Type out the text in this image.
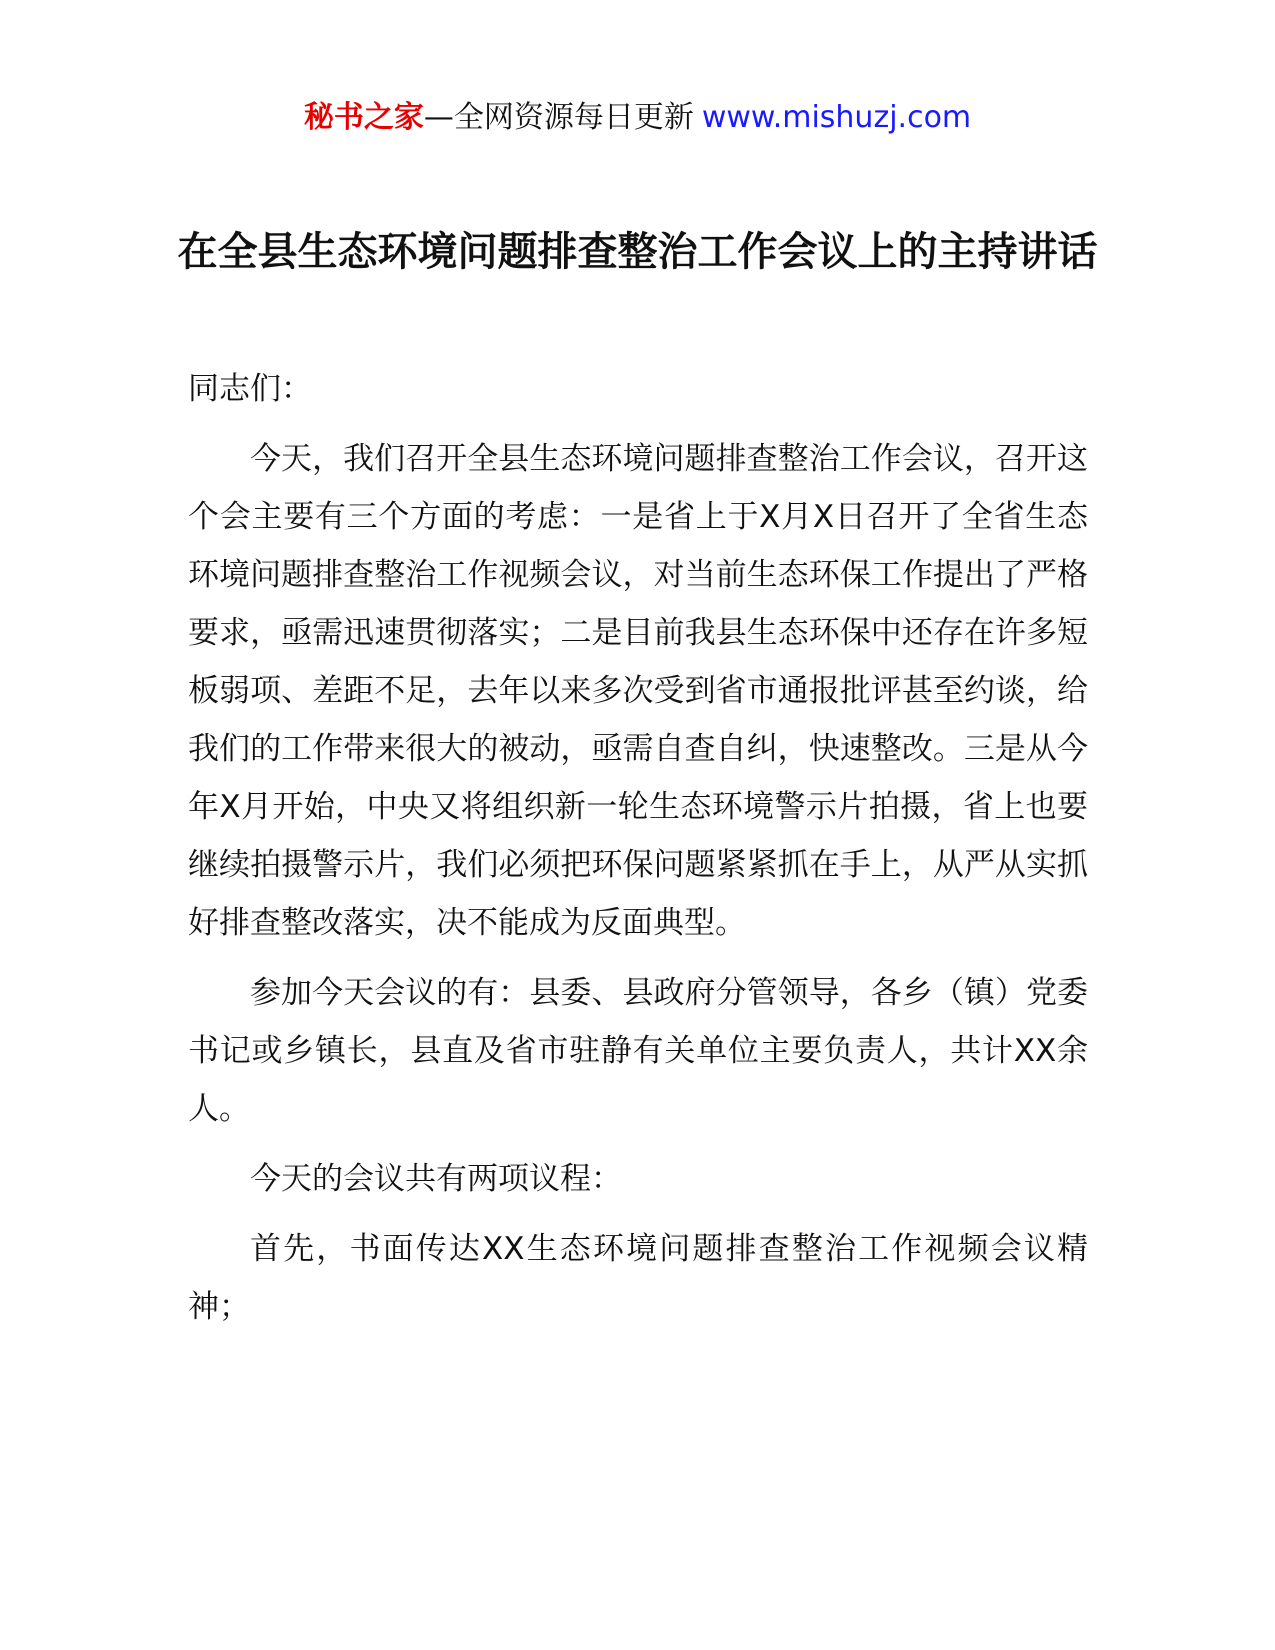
秘书之家—全网资源每日更新 www.mishuzj.com
在全县生态环境问题排查整治工作会议上的主持讲话

同志们：

今天，我们召开全县生态环境问题排查整治工作会议，召开这个会主要有三个方面的考虑：一是省上于X月X日召开了全省生态环境问题排查整治工作视频会议，对当前生态环保工作提出了严格要求，亟需迅速贯彻落实；二是目前我县生态环保中还存在许多短板弱项、差距不足，去年以来多次受到省市通报批评甚至约谈，给我们的工作带来很大的被动，亟需自查自纠，快速整改。三是从今年X月开始，中央又将组织新一轮生态环境警示片拍摄，省上也要继续拍摄警示片，我们必须把环保问题紧紧抓在手上，从严从实抓好排查整改落实，决不能成为反面典型。

参加今天会议的有：县委、县政府分管领导，各乡（镇）党委书记或乡镇长，县直及省市驻静有关单位主要负责人，共计XX余人。

今天的会议共有两项议程：

首先，书面传达XX生态环境问题排查整治工作视频会议精神；
